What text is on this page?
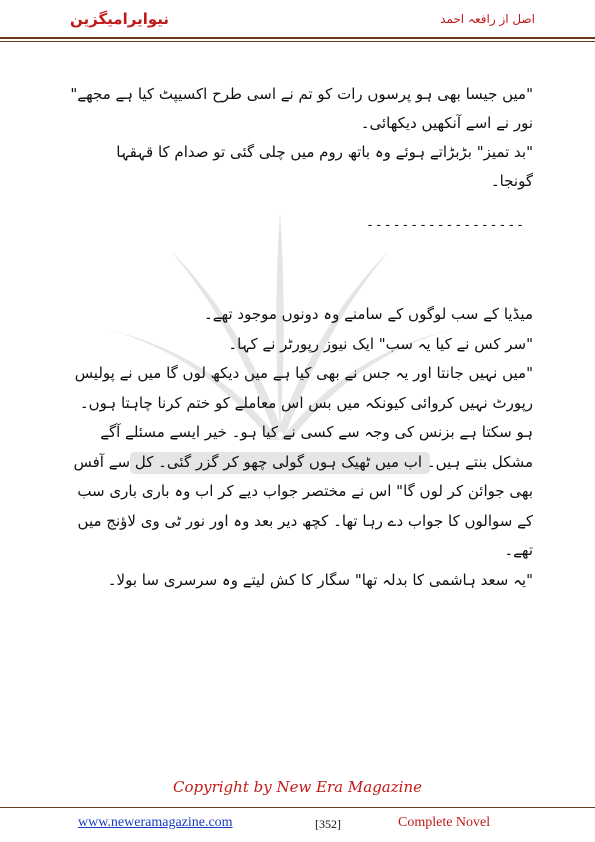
نیوایرامیگزین	اصل از رافعہ احمد

"میں جیسا بھی ہو پرسوں رات کو تم نے اسی طرح اکسیپٹ کیا ہے مجھے" نور نے اسے آنکھیں دیکھائی۔

"بد تمیز" بڑبڑاتے ہوئے وہ باتھ روم میں چلی گئی تو صدام کا قہقہا گونجا۔

------------------

میڈیا کے سب لوگوں کے سامنے وہ دونوں موجود تھے۔

"سر کس نے کیا یہ سب" ایک نیوز رپورٹر نے کہا۔

"میں نہیں جانتا اور یہ جس نے بھی کیا ہے میں دیکھ لوں گا میں نے پولیس رپورٹ نہیں کروائی کیونکہ میں بس اس معاملے کو ختم کرنا چاہتا ہوں۔ ہو سکتا ہے بزنس کی وجہ سے کسی نے کیا ہو۔ خیر ایسے مسئلے آگے مشکل بنتے ہیں۔ اب میں ٹھیک ہوں گولی چھو کر گزر گئی۔ کل سے آفس بھی جوائن کر لوں گا" اس نے مختصر جواب دیے کر اب وہ باری باری سب کے سوالوں کا جواب دے رہا تھا۔ کچھ دیر بعد وہ اور نور ٹی وی لاؤنج میں تھے۔

"یہ سعد ہاشمی کا بدلہ تھا" سگار کا کش لیتے وہ سرسری سا بولا۔

Copyright by New Era Magazine
www.neweramagazine.com	[352]	Complete Novel
